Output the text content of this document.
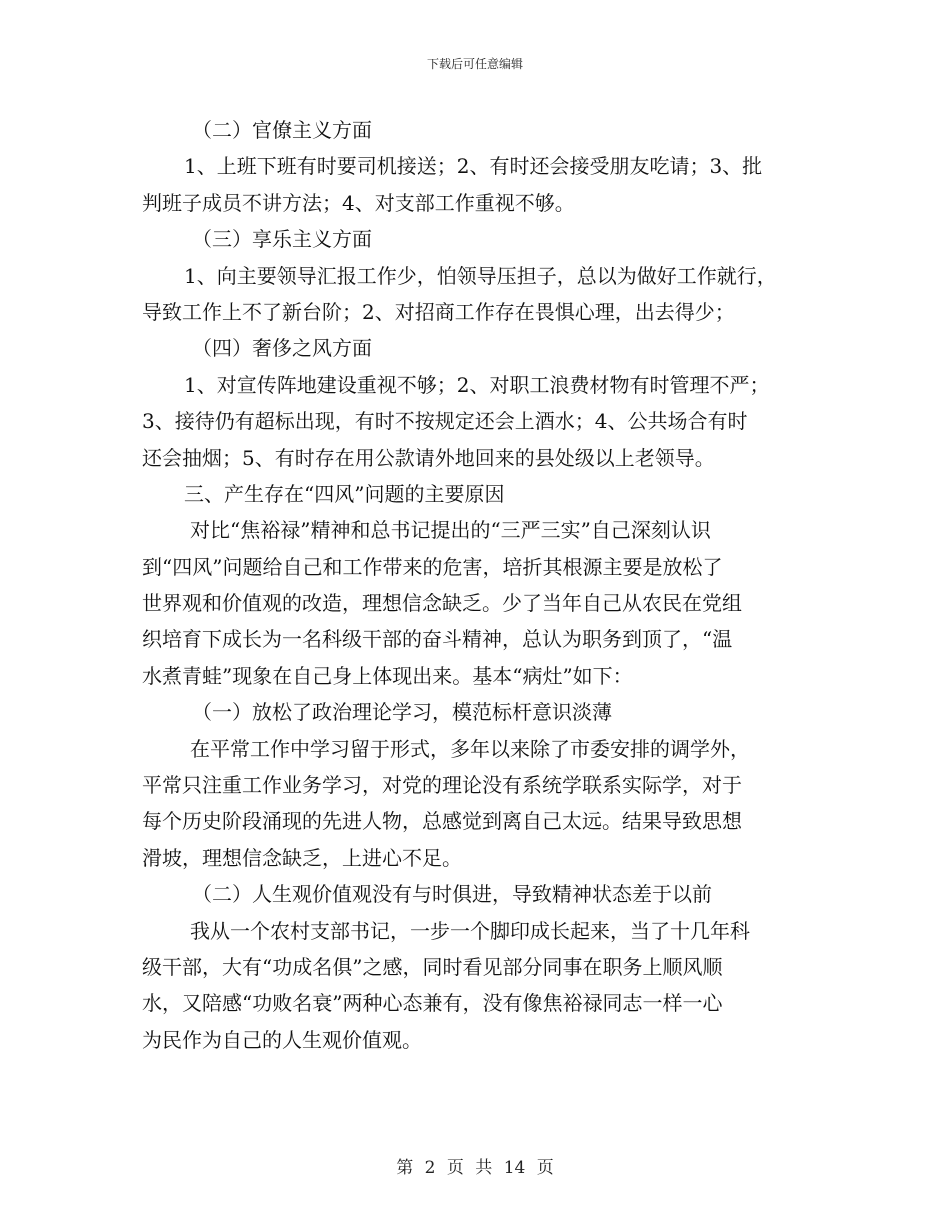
下载后可任意编辑
（二）官僚主义方面
1、上班下班有时要司机接送；2、有时还会接受朋友吃请；3、批
判班子成员不讲方法；4、对支部工作重视不够。
（三）享乐主义方面
1、向主要领导汇报工作少，怕领导压担子，总以为做好工作就行，
导致工作上不了新台阶；2、对招商工作存在畏惧心理，出去得少；
（四）奢侈之风方面
1、对宣传阵地建设重视不够；2、对职工浪费材物有时管理不严；
3、接待仍有超标出现，有时不按规定还会上酒水；4、公共场合有时
还会抽烟；5、有时存在用公款请外地回来的县处级以上老领导。
三、产生存在“四风”问题的主要原因
对比“焦裕禄”精神和总书记提出的“三严三实”自己深刻认识
到“四风”问题给自己和工作带来的危害，培折其根源主要是放松了
世界观和价值观的改造，理想信念缺乏。少了当年自己从农民在党组
织培育下成长为一名科级干部的奋斗精神，总认为职务到顶了，“温
水煮青蛙”现象在自己身上体现出来。基本“病灶”如下：
（一）放松了政治理论学习，模范标杆意识淡薄
在平常工作中学习留于形式，多年以来除了市委安排的调学外，
平常只注重工作业务学习，对党的理论没有系统学联系实际学，对于
每个历史阶段涌现的先进人物，总感觉到离自己太远。结果导致思想
滑坡，理想信念缺乏，上进心不足。
（二）人生观价值观没有与时俱进，导致精神状态差于以前
我从一个农村支部书记，一步一个脚印成长起来，当了十几年科
级干部，大有“功成名俱”之感，同时看见部分同事在职务上顺风顺
水，又陪感“功败名衰”两种心态兼有，没有像焦裕禄同志一样一心
为民作为自己的人生观价值观。
第 2 页 共 14 页
